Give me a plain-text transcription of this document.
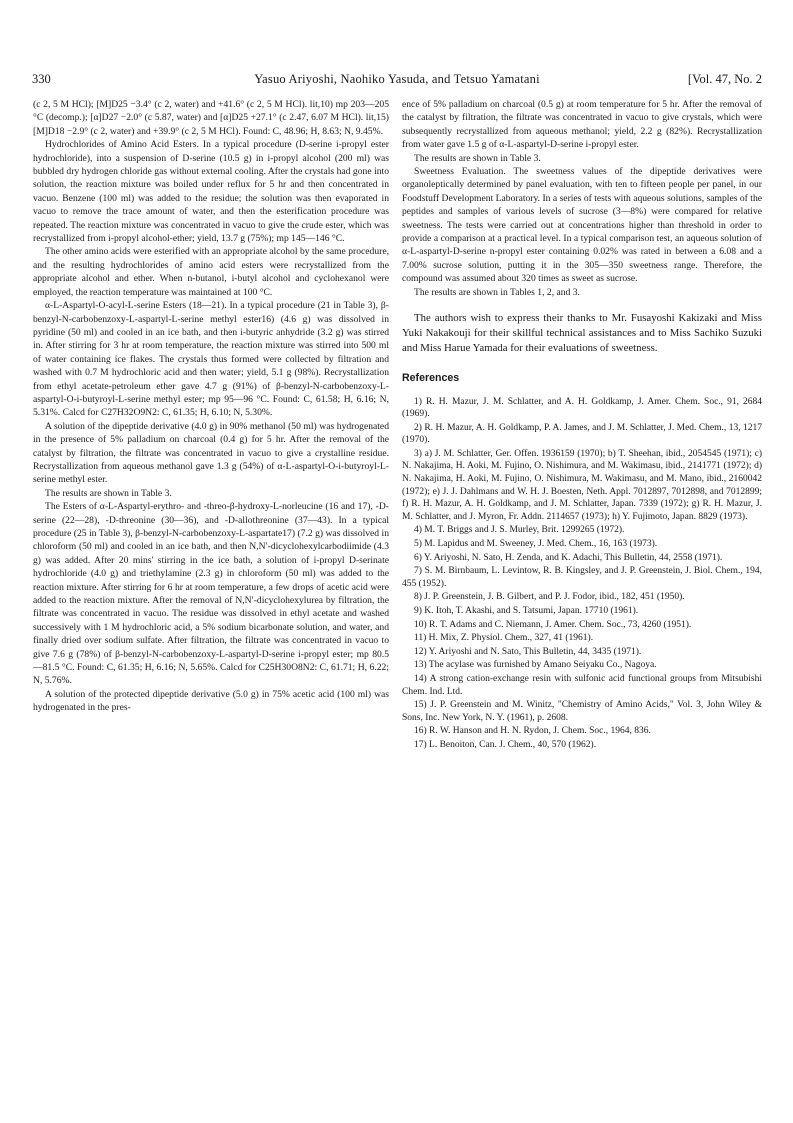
330	Yasuo Ariyoshi, Naohiko Yasuda, and Tetsuo Yamatani	[Vol. 47, No. 2

(c 2, 5 M HCl); [M]D25 −3.4° (c 2, water) and +41.6° (c 2, 5 M HCl). lit,10) mp 203—205 °C (decomp.); [α]D27 −2.0° (c 5.87, water) and [α]D25 +27.1° (c 2.47, 6.07 M HCl). lit,15) [M]D18 −2.9° (c 2, water) and +39.9° (c 2, 5 M HCl). Found: C, 48.96; H, 8.63; N, 9.45%.

Hydrochlorides of Amino Acid Esters. In a typical procedure (D-serine i-propyl ester hydrochloride), into a suspension of D-serine (10.5 g) in i-propyl alcohol (200 ml) was bubbled dry hydrogen chloride gas without external cooling. After the crystals had gone into solution, the reaction mixture was boiled under reflux for 5 hr and then concentrated in vacuo. Benzene (100 ml) was added to the residue; the solution was then evaporated in vacuo to remove the trace amount of water, and then the esterification procedure was repeated. The reaction mixture was concentrated in vacuo to give the crude ester, which was recrystallized from i-propyl alcohol-ether; yield, 13.7 g (75%); mp 145—146 °C.

The other amino acids were esterified with an appropriate alcohol by the same procedure, and the resulting hydrochlorides of amino acid esters were recrystallized from the appropriate alcohol and ether. When n-butanol, i-butyl alcohol and cyclohexanol were employed, the reaction temperature was maintained at 100 °C.

α-L-Aspartyl-O-acyl-L-serine Esters (18—21). In a typical procedure (21 in Table 3), β-benzyl-N-carbobenzoxy-L-aspartyl-L-serine methyl ester16) (4.6 g) was dissolved in pyridine (50 ml) and cooled in an ice bath, and then i-butyric anhydride (3.2 g) was stirred in. After stirring for 3 hr at room temperature, the reaction mixture was stirred into 500 ml of water containing ice flakes. The crystals thus formed were collected by filtration and washed with 0.7 M hydrochloric acid and then water; yield, 5.1 g (98%). Recrystallization from ethyl acetate-petroleum ether gave 4.7 g (91%) of β-benzyl-N-carbobenzoxy-L-aspartyl-O-i-butyroyl-L-serine methyl ester; mp 95—96 °C. Found: C, 61.58; H, 6.16; N, 5.31%. Calcd for C27H32O9N2: C, 61.35; H, 6.10; N, 5.30%.

A solution of the dipeptide derivative (4.0 g) in 90% methanol (50 ml) was hydrogenated in the presence of 5% palladium on charcoal (0.4 g) for 5 hr. After the removal of the catalyst by filtration, the filtrate was concentrated in vacuo to give a crystalline residue. Recrystallization from aqueous methanol gave 1.3 g (54%) of α-L-aspartyl-O-i-butyroyl-L-serine methyl ester.

The results are shown in Table 3.

The Esters of α-L-Aspartyl-erythro- and -threo-β-hydroxy-L-norleucine (16 and 17), -D-serine (22—28), -D-threonine (30—36), and -D-allothreonine (37—43). In a typical procedure (25 in Table 3), β-benzyl-N-carbobenzoxy-L-aspartate17) (7.2 g) was dissolved in chloroform (50 ml) and cooled in an ice bath, and then N,N′-dicyclohexylcarbodiimide (4.3 g) was added. After 20 mins' stirring in the ice bath, a solution of i-propyl D-serinate hydrochloride (4.0 g) and triethylamine (2.3 g) in chloroform (50 ml) was added to the reaction mixture. After stirring for 6 hr at room temperature, a few drops of acetic acid were added to the reaction mixture. After the removal of N,N′-dicyclohexylurea by filtration, the filtrate was concentrated in vacuo. The residue was dissolved in ethyl acetate and washed successively with 1 M hydrochloric acid, a 5% sodium bicarbonate solution, and water, and finally dried over sodium sulfate. After filtration, the filtrate was concentrated in vacuo to give 7.6 g (78%) of β-benzyl-N-carbobenzoxy-L-aspartyl-D-serine i-propyl ester; mp 80.5—81.5 °C. Found: C, 61.35; H, 6.16; N, 5.65%. Calcd for C25H30O8N2: C, 61.71; H, 6.22; N, 5.76%.

A solution of the protected dipeptide derivative (5.0 g) in 75% acetic acid (100 ml) was hydrogenated in the pres-

ence of 5% palladium on charcoal (0.5 g) at room temperature for 5 hr. After the removal of the catalyst by filtration, the filtrate was concentrated in vacuo to give crystals, which were subsequently recrystallized from aqueous methanol; yield, 2.2 g (82%). Recrystallization from water gave 1.5 g of α-L-aspartyl-D-serine i-propyl ester.

The results are shown in Table 3.

Sweetness Evaluation. The sweetness values of the dipeptide derivatives were organoleptically determined by panel evaluation, with ten to fifteen people per panel, in our Foodstuff Development Laboratory. In a series of tests with aqueous solutions, samples of the peptides and samples of various levels of sucrose (3—8%) were compared for relative sweetness. The tests were carried out at concentrations higher than threshold in order to provide a comparison at a practical level. In a typical comparison test, an aqueous solution of α-L-aspartyl-D-serine n-propyl ester containing 0.02% was rated in between a 6.08 and a 7.00% sucrose solution, putting it in the 305—350 sweetness range. Therefore, the compound was assumed about 320 times as sweet as sucrose.

The results are shown in Tables 1, 2, and 3.

The authors wish to express their thanks to Mr. Fusayoshi Kakizaki and Miss Yuki Nakakouji for their skillful technical assistances and to Miss Sachiko Suzuki and Miss Harue Yamada for their evaluations of sweetness.

References

1) R. H. Mazur, J. M. Schlatter, and A. H. Goldkamp, J. Amer. Chem. Soc., 91, 2684 (1969).

2) R. H. Mazur, A. H. Goldkamp, P. A. James, and J. M. Schlatter, J. Med. Chem., 13, 1217 (1970).

3) a) J. M. Schlatter, Ger. Offen. 1936159 (1970); b) T. Sheehan, ibid., 2054545 (1971); c) N. Nakajima, H. Aoki, M. Fujino, O. Nishimura, and M. Wakimasu, ibid., 2141771 (1972); d) N. Nakajima, H. Aoki, M. Fujino, O. Nishimura, M. Wakimasu, and M. Mano, ibid., 2160042 (1972); e) J. J. Dahlmans and W. H. J. Boesten, Neth. Appl. 7012897, 7012898, and 7012899; f) R. H. Mazur, A. H. Goldkamp, and J. M. Schlatter, Japan. 7339 (1972); g) R. H. Mazur, J. M. Schlatter, and J. Myron, Fr. Addn. 2114657 (1973); h) Y. Fujimoto, Japan. 8829 (1973).

4) M. T. Briggs and J. S. Murley, Brit. 1299265 (1972).

5) M. Lapidus and M. Sweeney, J. Med. Chem., 16, 163 (1973).

6) Y. Ariyoshi, N. Sato, H. Zenda, and K. Adachi, This Bulletin, 44, 2558 (1971).

7) S. M. Birnbaum, L. Levintow, R. B. Kingsley, and J. P. Greenstein, J. Biol. Chem., 194, 455 (1952).

8) J. P. Greenstein, J. B. Gilbert, and P. J. Fodor, ibid., 182, 451 (1950).

9) K. Itoh, T. Akashi, and S. Tatsumi, Japan. 17710 (1961).

10) R. T. Adams and C. Niemann, J. Amer. Chem. Soc., 73, 4260 (1951).

11) H. Mix, Z. Physiol. Chem., 327, 41 (1961).

12) Y. Ariyoshi and N. Sato, This Bulletin, 44, 3435 (1971).

13) The acylase was furnished by Amano Seiyaku Co., Nagoya.

14) A strong cation-exchange resin with sulfonic acid functional groups from Mitsubishi Chem. Ind. Ltd.

15) J. P. Greenstein and M. Winitz, "Chemistry of Amino Acids," Vol. 3, John Wiley & Sons, Inc. New York, N. Y. (1961), p. 2608.

16) R. W. Hanson and H. N. Rydon, J. Chem. Soc., 1964, 836.

17) L. Benoiton, Can. J. Chem., 40, 570 (1962).
